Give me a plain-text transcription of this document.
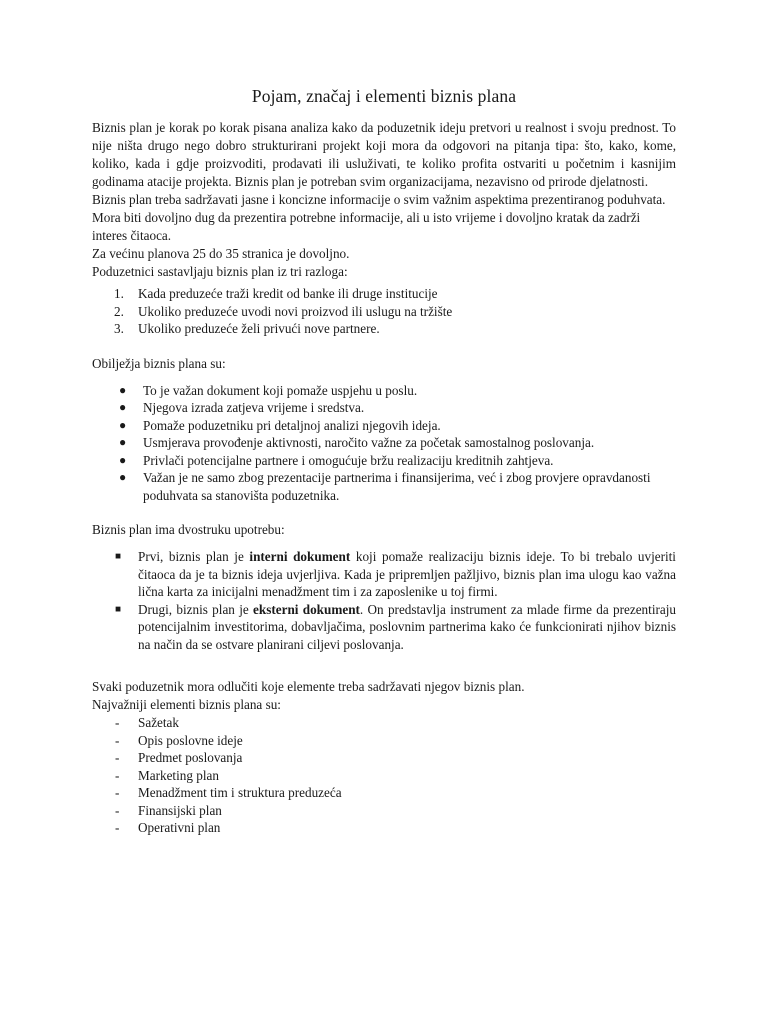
Pojam, značaj i elementi biznis plana

Biznis plan je korak po korak pisana analiza kako da poduzetnik ideju pretvori u realnost i svoju prednost. To nije ništa drugo nego dobro strukturirani projekt koji mora da odgovori na pitanja tipa: što, kako, kome, koliko, kada i gdje proizvoditi, prodavati ili usluživati, te koliko profita ostvariti u početnim i kasnijim godinama atacije projekta. Biznis plan je potreban svim organizacijama, nezavisno od prirode djelatnosti.

Biznis plan treba sadržavati jasne i koncizne informacije o svim važnim aspektima prezentiranog poduhvata.

Mora biti dovoljno dug da prezentira potrebne informacije, ali u isto vrijeme i dovoljno kratak da zadrži interes čitaoca.

Za većinu planova 25 do 35 stranica je dovoljno.

Poduzetnici sastavljaju biznis plan iz tri razloga:

1. Kada preduzeće traži kredit od banke ili druge institucije
2. Ukoliko preduzeće uvodi novi proizvod ili uslugu na tržište
3. Ukoliko preduzeće želi privući nove partnere.

Obilježja biznis plana su:

● To je važan dokument koji pomaže uspjehu u poslu.
● Njegova izrada zatjeva vrijeme i sredstva.
● Pomaže poduzetniku pri detaljnoj analizi njegovih ideja.
● Usmjerava provođenje aktivnosti, naročito važne za početak samostalnog poslovanja.
● Privlači potencijalne partnere i omogućuje bržu realizaciju kreditnih zahtjeva.
● Važan je ne samo zbog prezentacije partnerima i finansijerima, već i zbog provjere opravdanosti poduhvata sa stanovišta poduzetnika.

Biznis plan ima dvostruku upotrebu:

■ Prvi, biznis plan je interni dokument koji pomaže realizaciju biznis ideje. To bi trebalo uvjeriti čitaoca da je ta biznis ideja uvjerljiva. Kada je pripremljen pažljivo, biznis plan ima ulogu kao važna lična karta za inicijalni menadžment tim i za zaposlenike u toj firmi.
■ Drugi, biznis plan je eksterni dokument. On predstavlja instrument za mlade firme da prezentiraju potencijalnim investitorima, dobavljačima, poslovnim partnerima kako će funkcionirati njihov biznis na način da se ostvare planirani ciljevi poslovanja.

Svaki poduzetnik mora odlučiti koje elemente treba sadržavati njegov biznis plan.

Najvažniji elementi biznis plana su:

- Sažetak
- Opis poslovne ideje
- Predmet poslovanja
- Marketing plan
- Menadžment tim i struktura preduzeća
- Finansijski plan
- Operativni plan
